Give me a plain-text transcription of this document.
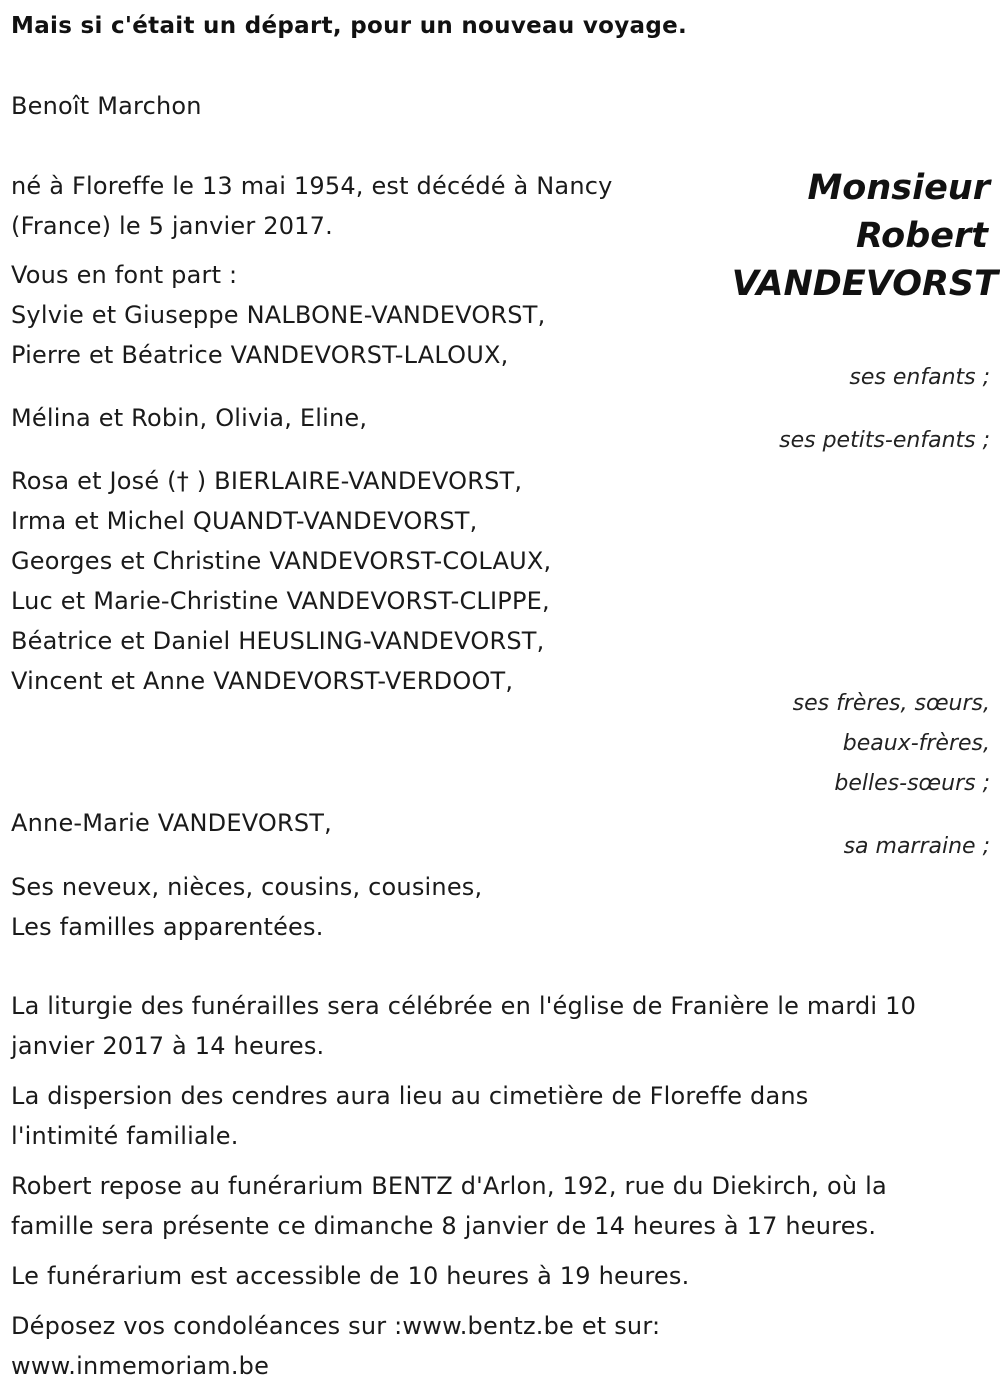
Mais si c'était un départ, pour un nouveau voyage.
Benoît Marchon
Monsieur
Robert
VANDEVORST
né à Floreffe le 13 mai 1954, est décédé à Nancy
(France) le 5 janvier 2017.
Vous en font part :
Sylvie et Giuseppe NALBONE-VANDEVORST,
Pierre et Béatrice VANDEVORST-LALOUX,
ses enfants ;
Mélina et Robin, Olivia, Eline,
ses petits-enfants ;
Rosa et José († ) BIERLAIRE-VANDEVORST,
Irma et Michel QUANDT-VANDEVORST,
Georges et Christine VANDEVORST-COLAUX,
Luc et Marie-Christine VANDEVORST-CLIPPE,
Béatrice et Daniel HEUSLING-VANDEVORST,
Vincent et Anne VANDEVORST-VERDOOT,
ses frères, sœurs,
beaux-frères,
belles-sœurs ;
Anne-Marie VANDEVORST,
sa marraine ;
Ses neveux, nièces, cousins, cousines,
Les familles apparentées.
La liturgie des funérailles sera célébrée en l'église de Franière le mardi 10
janvier 2017 à 14 heures.
La dispersion des cendres aura lieu au cimetière de Floreffe dans
l'intimité familiale.
Robert repose au funérarium BENTZ d'Arlon, 192, rue du Diekirch, où la
famille sera présente ce dimanche 8 janvier de 14 heures à 17 heures.
Le funérarium est accessible de 10 heures à 19 heures.
Déposez vos condoléances sur :www.bentz.be et sur:
www.inmemoriam.be
